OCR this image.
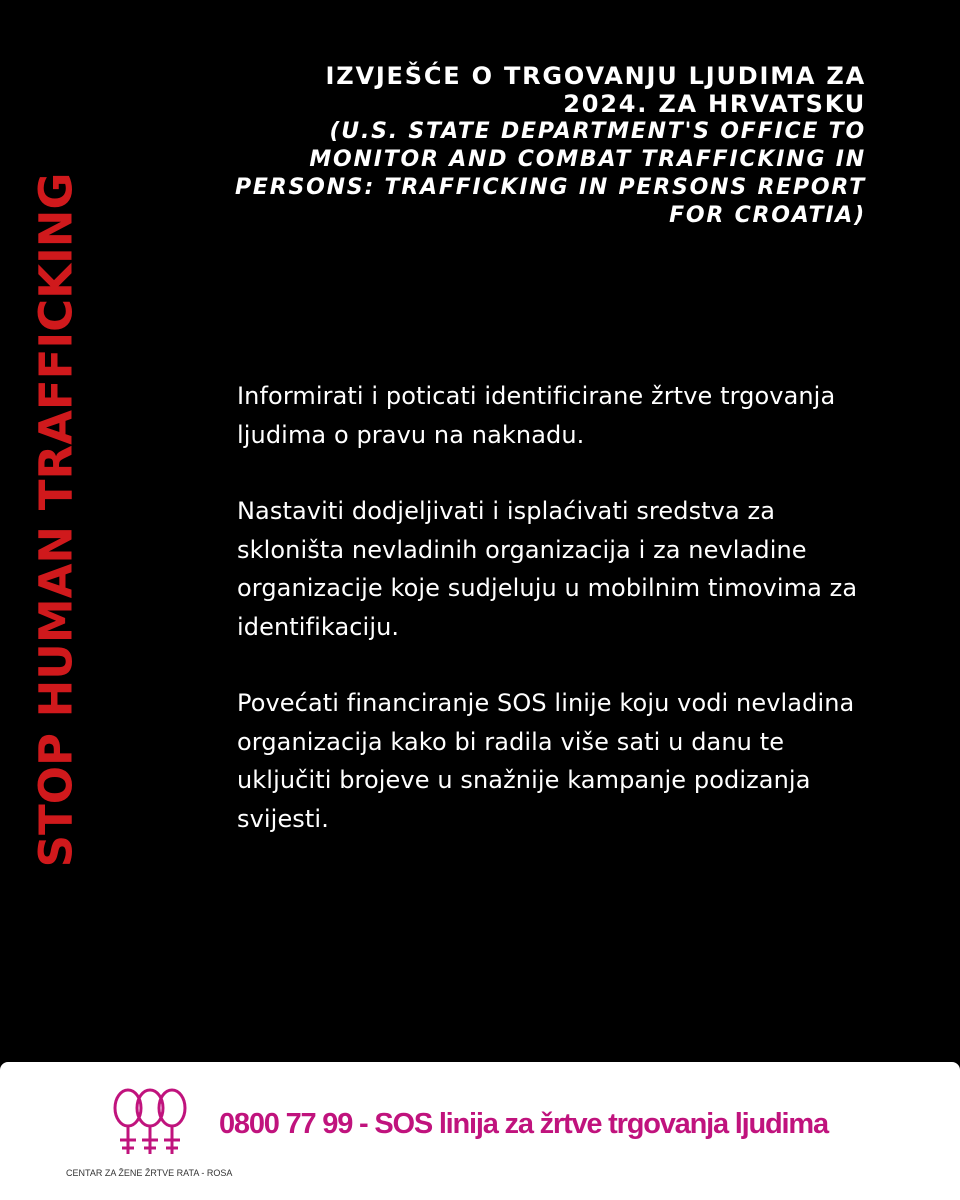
STOP HUMAN TRAFFICKING
IZVJEŠĆE O TRGOVANJU LJUDIMA ZA
2024. ZA HRVATSKU
(U.S. STATE DEPARTMENT'S OFFICE TO
MONITOR AND COMBAT TRAFFICKING IN
PERSONS: TRAFFICKING IN PERSONS REPORT
FOR CROATIA)

Informirati i poticati identificirane žrtve trgovanja ljudima o pravu na naknadu.

Nastaviti dodjeljivati i isplaćivati sredstva za skloništa nevladinih organizacija i za nevladine organizacije koje sudjeluju u mobilnim timovima za identifikaciju.

Povećati financiranje SOS linije koju vodi nevladina organizacija kako bi radila više sati u danu te uključiti brojeve u snažnije kampanje podizanja svijesti.

CENTAR ZA ŽENE ŽRTVE RATA - ROSA
0800 77 99 - SOS linija za žrtve trgovanja ljudima
